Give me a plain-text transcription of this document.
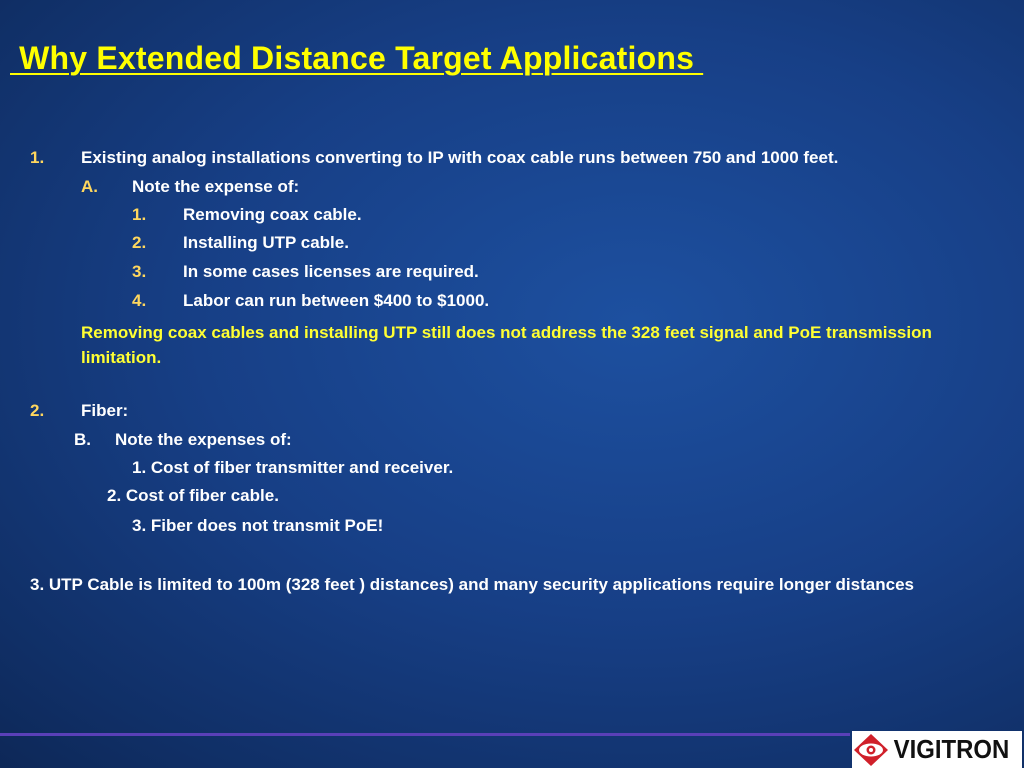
Why Extended Distance Target Applications
1. Existing analog installations converting to IP with coax cable runs between 750 and 1000 feet.
A. Note the expense of:
1. Removing coax cable.
2. Installing UTP cable.
3. In some cases licenses are required.
4. Labor can run between $400 to $1000.
Removing coax cables and installing UTP still does not address the 328 feet signal and PoE transmission limitation.
2. Fiber:
B. Note the expenses of:
1. Cost of fiber transmitter and receiver.
2. Cost of fiber cable.
3. Fiber does not transmit PoE!
3. UTP Cable is limited to 100m (328 feet ) distances) and many security applications require longer distances
VIGITRON
